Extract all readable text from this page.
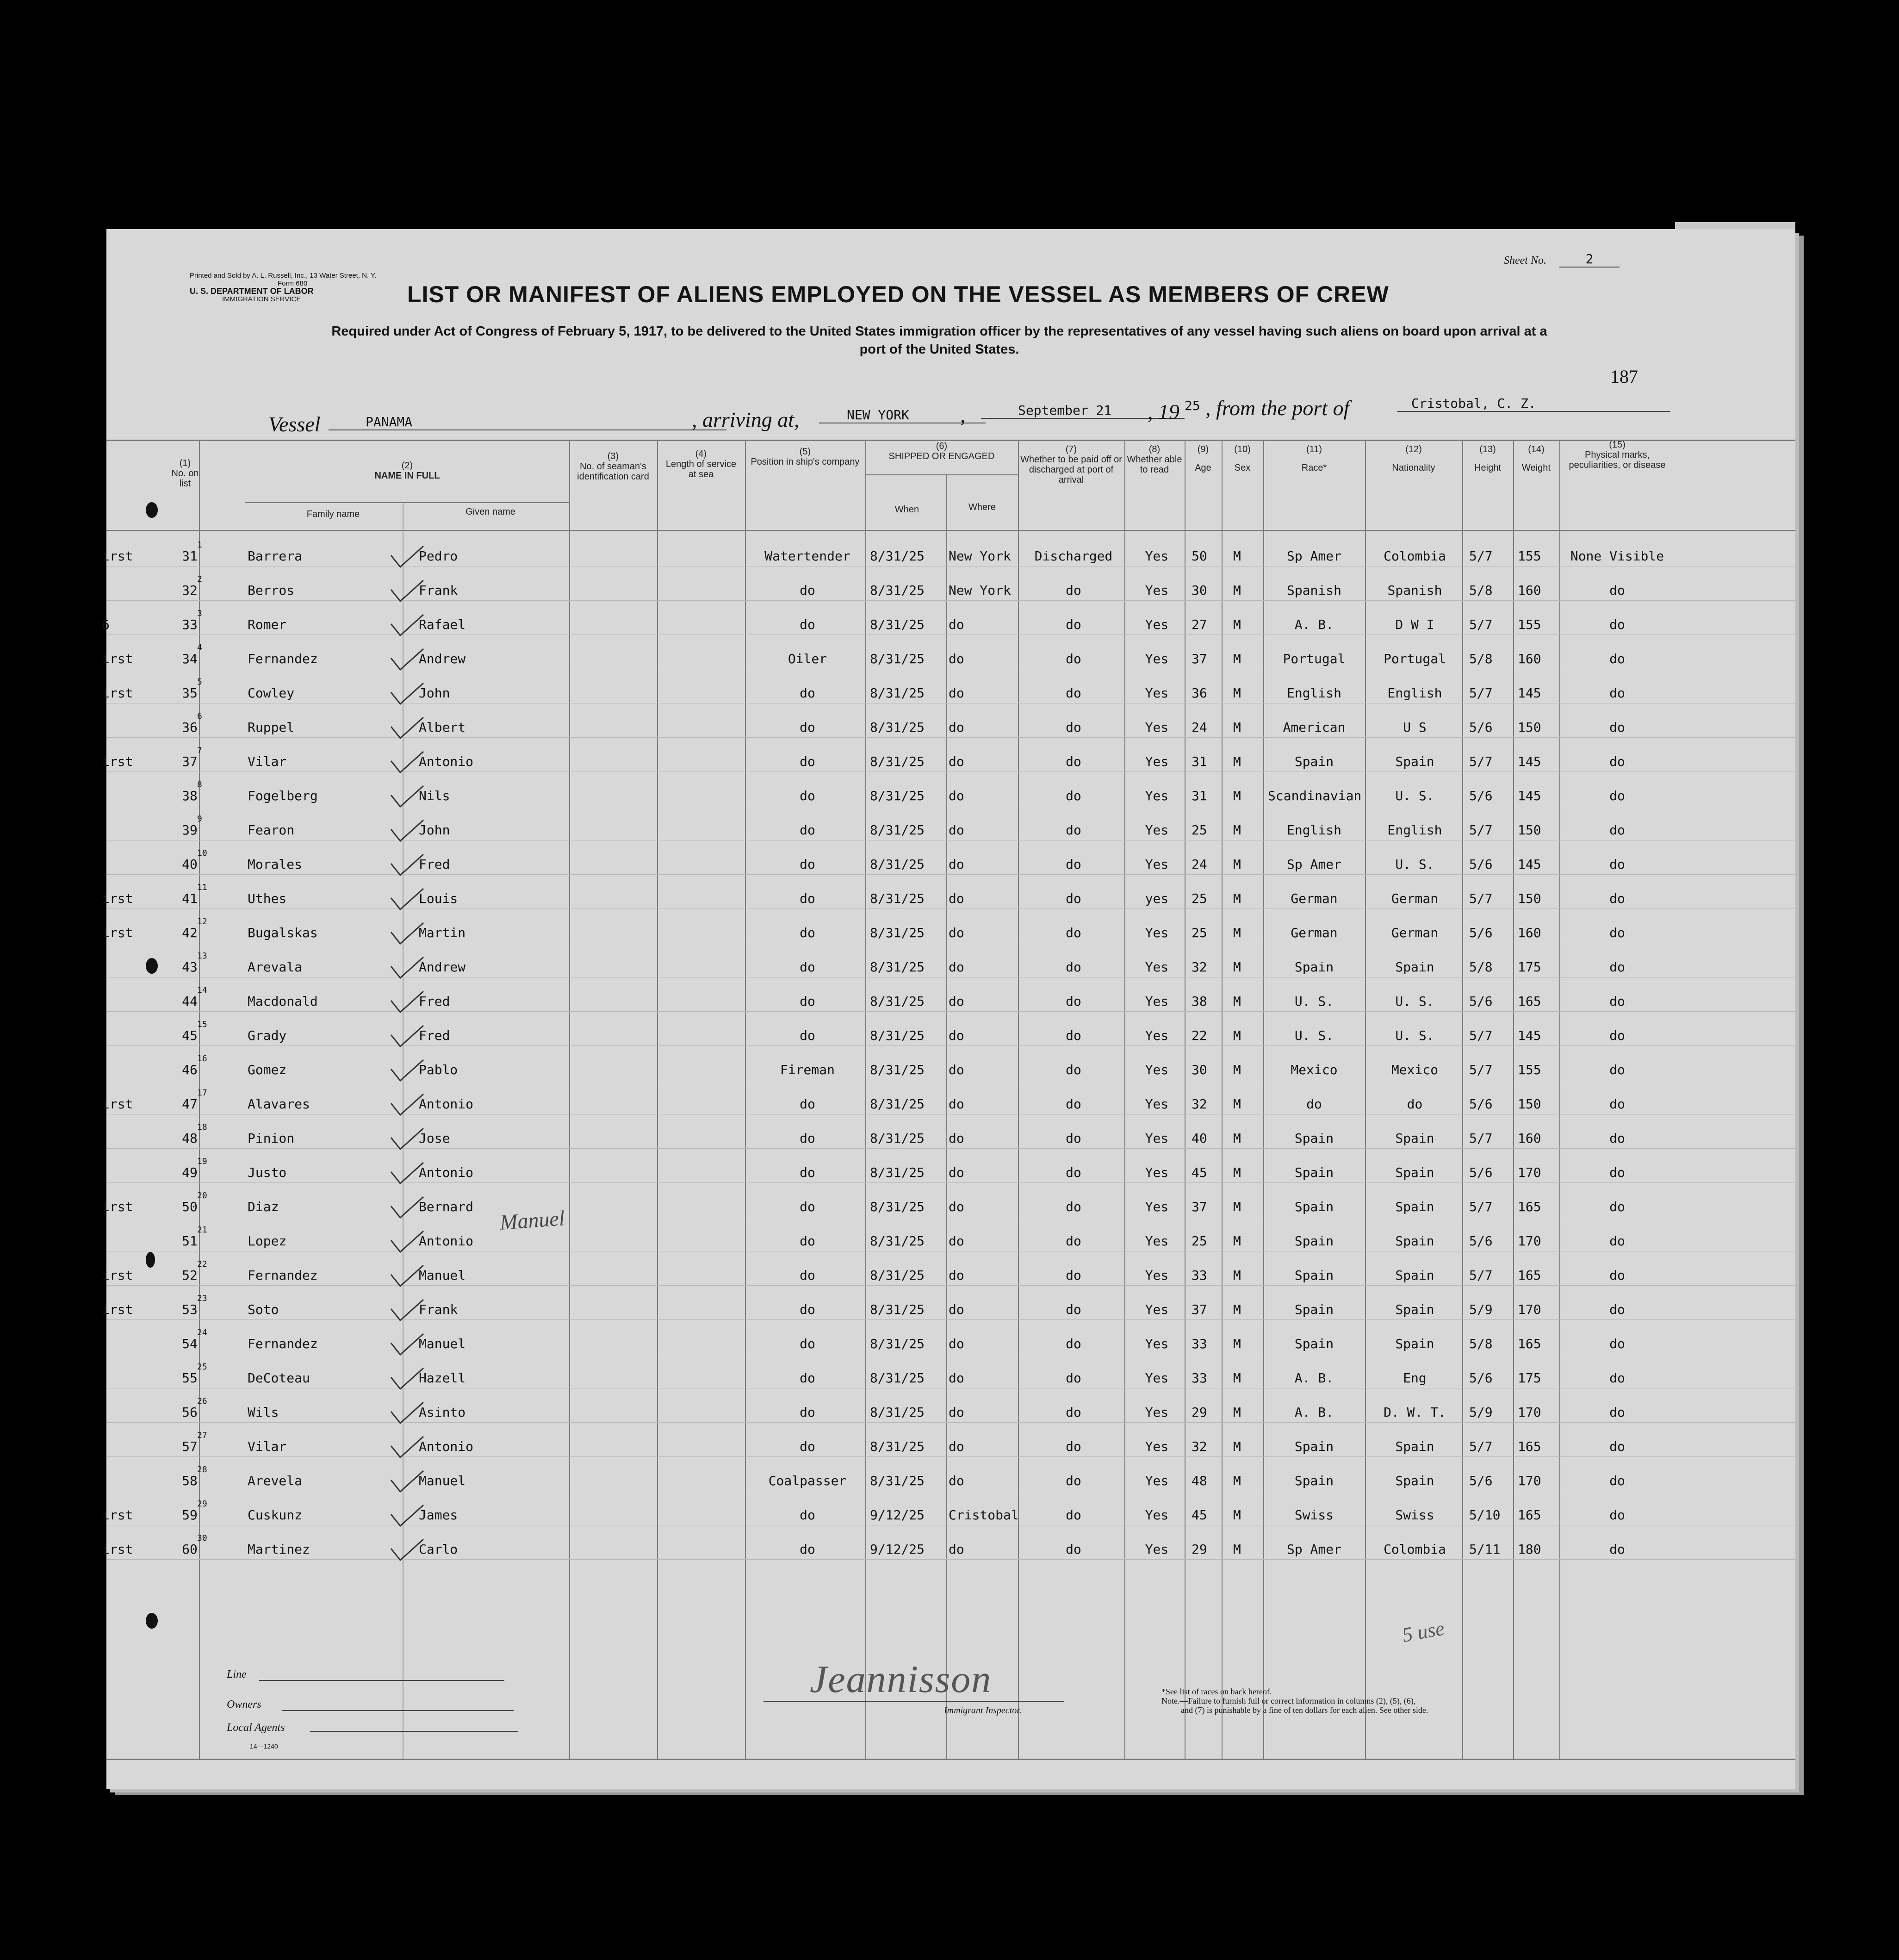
Printed and Sold by A. L. Russell, Inc., 13 Water Street, N. Y.
Form 680
U. S. DEPARTMENT OF LABOR
IMMIGRATION SERVICE	LIST OR MANIFEST OF ALIENS EMPLOYED ON THE VESSEL AS MEMBERS OF CREW
Sheet No.	2
Required under Act of Congress of February 5, 1917, to be delivered to the United States immigration officer by the representatives of any vessel having such aliens on board upon arrival at a
port of the United States.
187
Vessel	PANAMA	, arriving at,	NEW YORK	,	September 21	, 19 25 , from the port of	Cristobal, C. Z.
(1)
No. on list
(2)
NAME IN FULL
Family name	Given name
(3)
No. of seaman's identification card
(4)
Length of service at sea
(5)
Position in ship's company
(6)
SHIPPED OR ENGAGED
When	Where
(7)
Whether to be paid off or discharged at port of arrival
(8)
Whether able to read
(9)
Age
(10)
Sex
(11)
Race*
(12)
Nationality
(13)
Height
(14)
Weight
(15)
Physical marks, peculiarities, or disease
irst	31	Barrera	Pedro	Watertender	8/31/25 New York	Discharged	Yes	50 M	Sp Amer	Colombia	5/7 155	None Visible
1
32	Berros	Frank	do	8/31/25 New York	do	Yes	30 M	Spanish	Spanish	5/8 160	do
2
6	33	Romer	Rafael	do	8/31/25 do	do	Yes	27 M	A. B.	D W I	5/7 155	do
3
irst	34	Fernandez	Andrew	Oiler	8/31/25 do	do	Yes	37 M	Portugal	Portugal	5/8 160	do
4
irst	35	Cowley	John	do	8/31/25 do	do	Yes	36 M	English	English	5/7 145	do
5
36	Ruppel	Albert	do	8/31/25 do	do	Yes	24 M	American	U S	5/6 150	do
6
irst	37	Vilar	Antonio	do	8/31/25 do	do	Yes	31 M	Spain	Spain	5/7 145	do
7
38	Fogelberg	Nils	do	8/31/25 do	do	Yes	31 M Scandinavian	U. S.	5/6 145	do
8
39	Fearon	John	do	8/31/25 do	do	Yes	25 M	English	English	5/7 150	do
9
40	Morales	Fred	do	8/31/25 do	do	Yes	24 M	Sp Amer	U. S.	5/6 145	do
10
irst	41	Uthes	Louis	do	8/31/25 do	do	yes	25 M	German	German	5/7 150	do
11
irst	42	Bugalskas	Martin	do	8/31/25 do	do	Yes	25 M	German	German	5/6 160	do
12
43	Arevala	Andrew	do	8/31/25 do	do	Yes	32 M	Spain	Spain	5/8 175	do
13
44	Macdonald	Fred	do	8/31/25 do	do	Yes	38 M	U. S.	U. S.	5/6 165	do
14
45	Grady	Fred	do	8/31/25 do	do	Yes	22 M	U. S.	U. S.	5/7 145	do
15
46	Gomez	Pablo	Fireman	8/31/25 do	do	Yes	30 M	Mexico	Mexico	5/7 155	do
16
irst	47	Alavares	Antonio	do	8/31/25 do	do	Yes	32 M	do	do	5/6 150	do
17
48	Pinion	Jose	do	8/31/25 do	do	Yes	40 M	Spain	Spain	5/7 160	do
18
49	Justo	Antonio	do	8/31/25 do	do	Yes	45 M	Spain	Spain	5/6 170	do
19
irst	50	Diaz	Bernard	do	8/31/25 do	do	Yes	37 M	Spain	Spain	5/7 165	do
20
51	Lopez	Antonio	do	8/31/25 do	do	Yes	25 M	Spain	Spain	5/6 170	do
21
irst	52	Fernandez	Manuel	do	8/31/25 do	do	Yes	33 M	Spain	Spain	5/7 165	do
22
irst	53	Soto	Frank	do	8/31/25 do	do	Yes	37 M	Spain	Spain	5/9 170	do
23
54	Fernandez	Manuel	do	8/31/25 do	do	Yes	33 M	Spain	Spain	5/8 165	do
24
55	DeCoteau	Hazell	do	8/31/25 do	do	Yes	33 M	A. B.	Eng	5/6 175	do
25
56	Wils	Asinto	do	8/31/25 do	do	Yes	29 M	A. B.	D. W. T.	5/9 170	do
26
57	Vilar	Antonio	do	8/31/25 do	do	Yes	32 M	Spain	Spain	5/7 165	do
27
58	Arevela	Manuel	Coalpasser	8/31/25 do	do	Yes	48 M	Spain	Spain	5/6 170	do
28
irst	59	Cuskunz	James	do	9/12/25 Cristobal	do	Yes	45 M	Swiss	Swiss	5/10 165	do
29
irst	60	Martinez	Carlo	do	9/12/25 do	do	Yes	29 M	Sp Amer	Colombia	5/11 180	do
30
Manuel
5 use
Line
Owners
Local Agents
14—1240
Jeannisson
Immigrant Inspector.
*See list of races on back hereof.
Note.—Failure to furnish full or correct information in columns (2), (5), (6),
and (7) is punishable by a fine of ten dollars for each alien. See other side.
